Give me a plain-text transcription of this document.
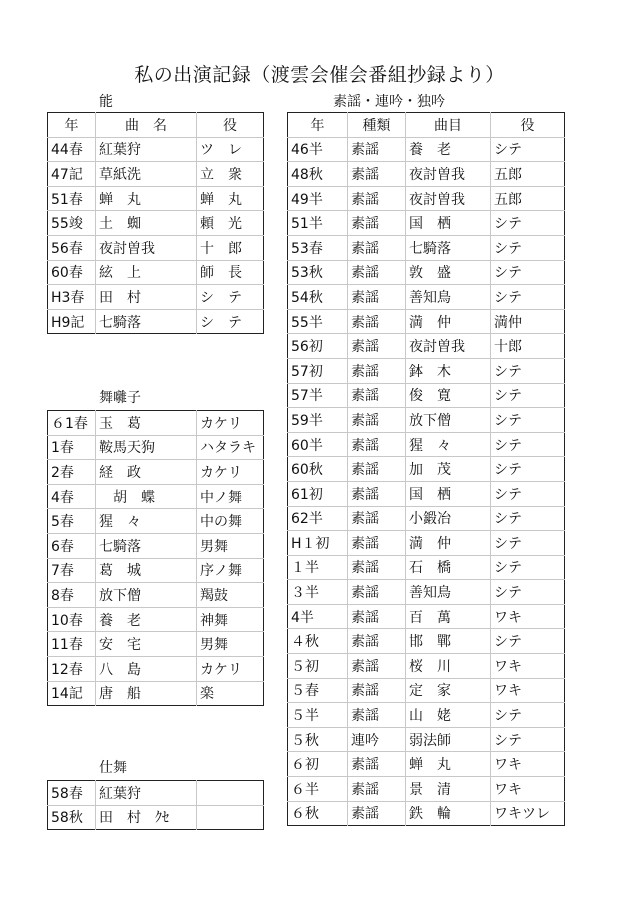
私の出演記録（渡雲会催会番組抄録より）
能	素謡・連吟・独吟
舞囃子
仕舞
年	曲　名	役
44春	紅葉狩	ツ　レ
47記	草紙洗	立　衆
51春	蝉　丸	蝉　丸
55竣	土　蜘	頼　光
56春	夜討曽我	十　郎
60春	絃　上	師　長
H3春	田　村	シ　テ
H9記	七騎落	シ　テ
６1春	玉　葛	カケリ
1春	鞍馬天狗	ハタラキ
2春	経　政	カケリ
4春	　胡　蝶	中ノ舞
5春	猩　々	中の舞
6春	七騎落	男舞
7春	葛　城	序ノ舞
8春	放下僧	羯鼓
10春	養　老	神舞
11春	安　宅	男舞
12春	八　島	カケリ
14記	唐　船	楽
58春	紅葉狩	
58秋	田　村　ｸｾ	
年	種類	曲目	役
46半	素謡	養　老	シテ
48秋	素謡	夜討曽我	五郎
49半	素謡	夜討曽我	五郎
51半	素謡	国　栖	シテ
53春	素謡	七騎落	シテ
53秋	素謡	敦　盛	シテ
54秋	素謡	善知鳥	シテ
55半	素謡	満　仲	満仲
56初	素謡	夜討曽我	十郎
57初	素謡	鉢　木	シテ
57半	素謡	俊　寛	シテ
59半	素謡	放下僧	シテ
60半	素謡	猩　々	シテ
60秋	素謡	加　茂	シテ
61初	素謡	国　栖	シテ
62半	素謡	小鍛冶	シテ
H１初	素謡	満　仲	シテ
１半	素謡	石　橋	シテ
３半	素謡	善知鳥	シテ
4半	素謡	百　萬	ワキ
４秋	素謡	邯　鄲	シテ
５初	素謡	桜　川	ワキ
５春	素謡	定　家	ワキ
５半	素謡	山　姥	シテ
５秋	連吟	弱法師	シテ
６初	素謡	蝉　丸	ワキ
６半	素謡	景　清	ワキ
６秋	素謡	鉄　輪	ワキツレ
